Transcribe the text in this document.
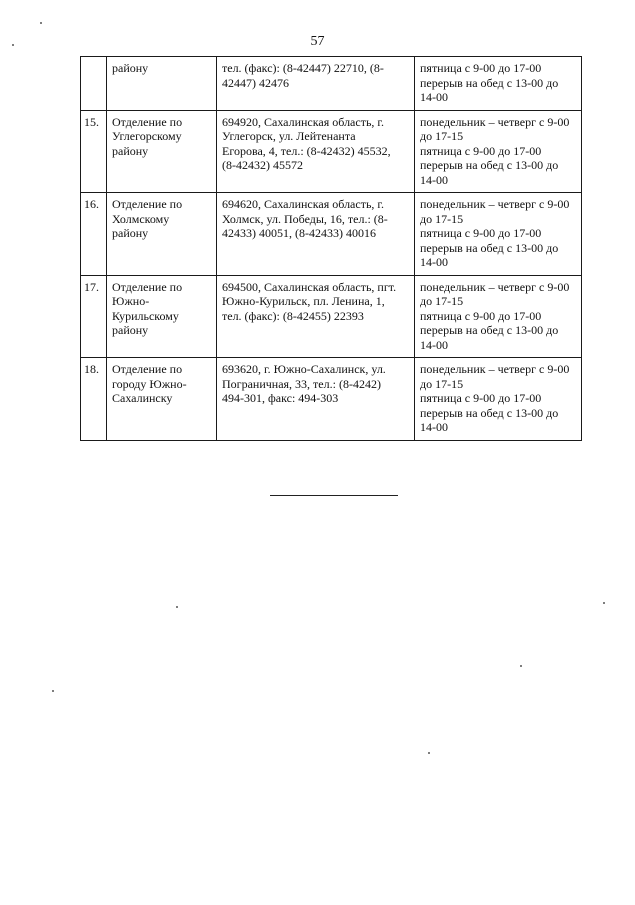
57

	району	тел. (факс): (8-42447) 22710, (8-
42447) 42476	пятница с 9-00 до 17-00
перерыв на обед с 13-00 до
14-00

15.	Отделение по
Углегорскому
району	694920, Сахалинская область, г.
Углегорск, ул. Лейтенанта
Егорова, 4, тел.: (8-42432) 45532,
(8-42432) 45572	понедельник – четверг с 9-00
до 17-15
пятница с 9-00 до 17-00
перерыв на обед с 13-00 до
14-00

16.	Отделение по
Холмскому
району	694620, Сахалинская область, г.
Холмск, ул. Победы, 16, тел.: (8-
42433) 40051, (8-42433) 40016	понедельник – четверг с 9-00
до 17-15
пятница с 9-00 до 17-00
перерыв на обед с 13-00 до
14-00

17.	Отделение по
Южно-
Курильскому
району	694500, Сахалинская область, пгт.
Южно-Курильск, пл. Ленина, 1,
тел. (факс): (8-42455) 22393	понедельник – четверг с 9-00
до 17-15
пятница с 9-00 до 17-00
перерыв на обед с 13-00 до
14-00

18.	Отделение по
городу Южно-
Сахалинску	693620, г. Южно-Сахалинск, ул.
Пограничная, 33, тел.: (8-4242)
494-301, факс: 494-303	понедельник – четверг с 9-00
до 17-15
пятница с 9-00 до 17-00
перерыв на обед с 13-00 до
14-00
